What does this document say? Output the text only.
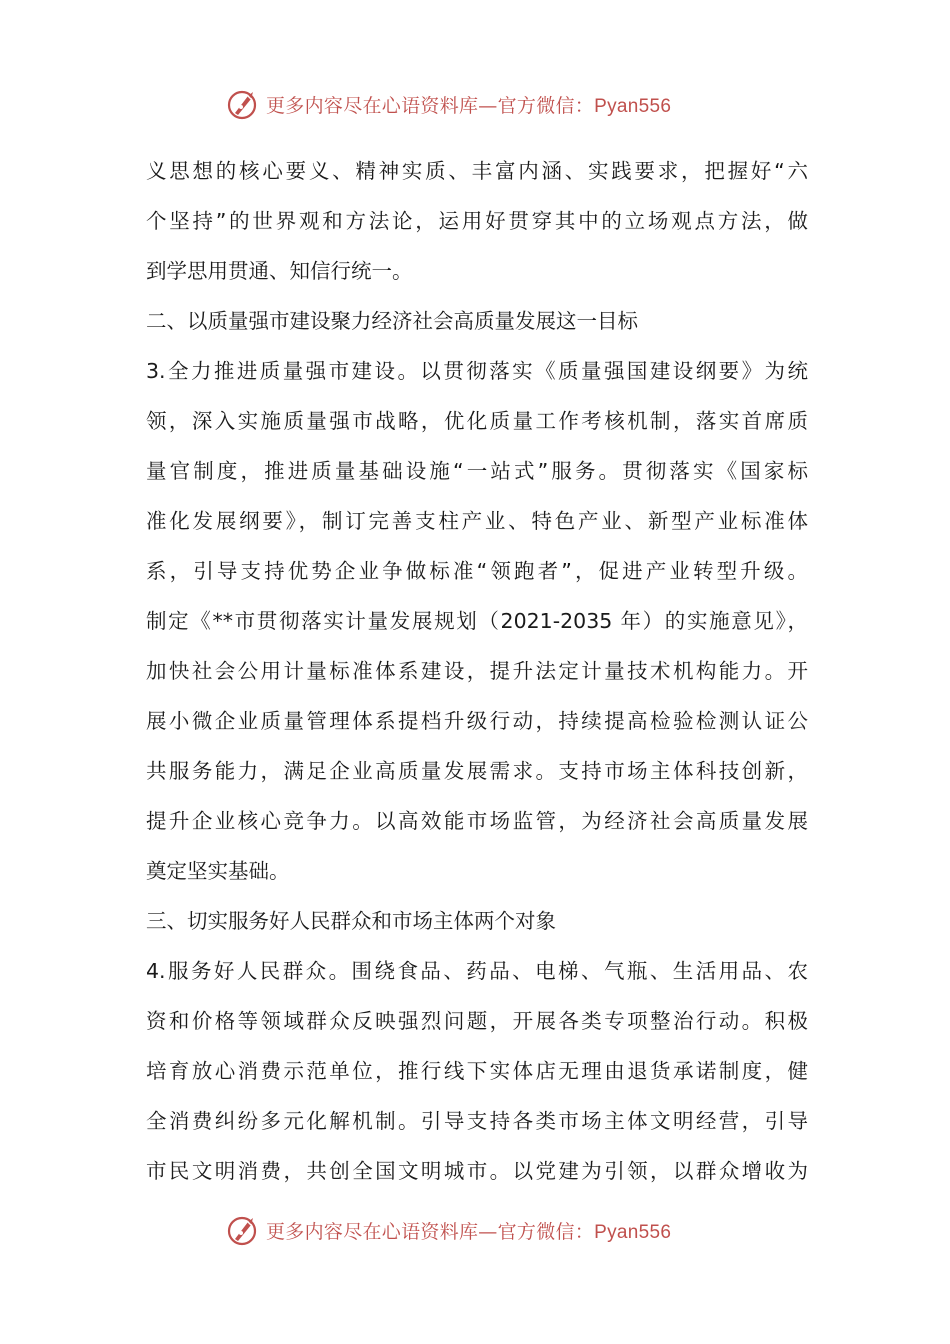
更多内容尽在心语资料库—官方微信：Pyan556
义思想的核心要义、精神实质、丰富内涵、实践要求，把握好“六
个坚持”的世界观和方法论，运用好贯穿其中的立场观点方法，做
到学思用贯通、知信行统一。
二、以质量强市建设聚力经济社会高质量发展这一目标
3.全力推进质量强市建设。以贯彻落实《质量强国建设纲要》为统
领，深入实施质量强市战略，优化质量工作考核机制，落实首席质
量官制度，推进质量基础设施“一站式”服务。贯彻落实《国家标
准化发展纲要》，制订完善支柱产业、特色产业、新型产业标准体
系，引导支持优势企业争做标准“领跑者”，促进产业转型升级。
制定《**市贯彻落实计量发展规划（2021-2035 年）的实施意见》，
加快社会公用计量标准体系建设，提升法定计量技术机构能力。开
展小微企业质量管理体系提档升级行动，持续提高检验检测认证公
共服务能力，满足企业高质量发展需求。支持市场主体科技创新，
提升企业核心竞争力。以高效能市场监管，为经济社会高质量发展
奠定坚实基础。
三、切实服务好人民群众和市场主体两个对象
4.服务好人民群众。围绕食品、药品、电梯、气瓶、生活用品、农
资和价格等领域群众反映强烈问题，开展各类专项整治行动。积极
培育放心消费示范单位，推行线下实体店无理由退货承诺制度，健
全消费纠纷多元化解机制。引导支持各类市场主体文明经营，引导
市民文明消费，共创全国文明城市。以党建为引领，以群众增收为
更多内容尽在心语资料库—官方微信：Pyan556
